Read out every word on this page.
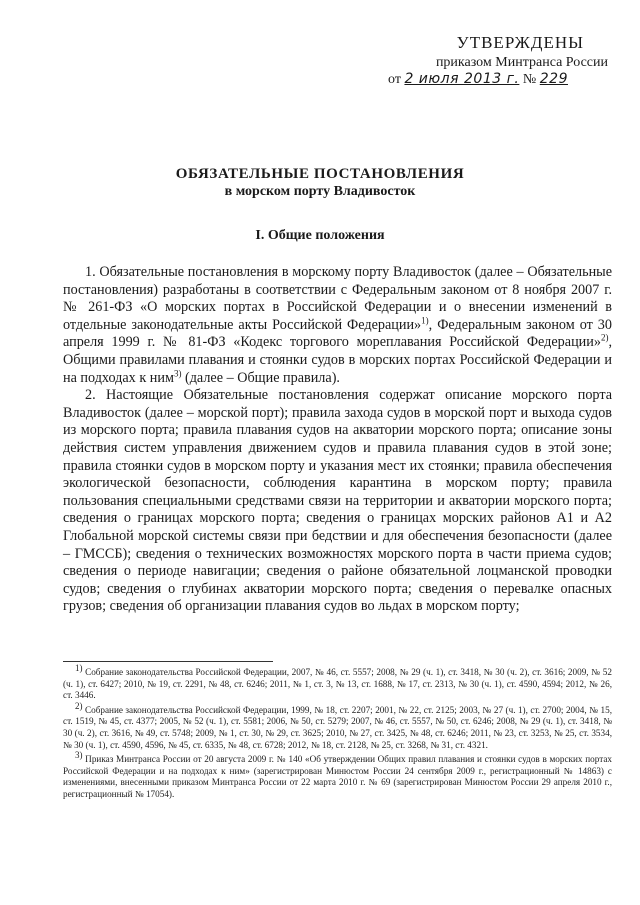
УТВЕРЖДЕНЫ
приказом Минтранса России
от 2 июля 2013 г. № 229
ОБЯЗАТЕЛЬНЫЕ ПОСТАНОВЛЕНИЯ
в морском порту Владивосток
I. Общие положения

1. Обязательные постановления в морскому порту Владивосток (далее – Обязательные постановления) разработаны в соответствии с Федеральным законом от 8 ноября 2007 г. № 261-ФЗ «О морских портах в Российской Федерации и о внесении изменений в отдельные законодательные акты Российской Федерации»$^{1)}$, Федеральным законом от 30 апреля 1999 г. № 81-ФЗ «Кодекс торгового мореплавания Российской Федерации»$^{2)}$, Общими правилами плавания и стоянки судов в морских портах Российской Федерации и на подходах к ним$^{3)}$ (далее – Общие правила).

2. Настоящие Обязательные постановления содержат описание морского порта Владивосток (далее – морской порт); правила захода судов в морской порт и выхода судов из морского порта; правила плавания судов на акватории морского порта; описание зоны действия систем управления движением судов и правила плавания судов в этой зоне; правила стоянки судов в морском порту и указания мест их стоянки; правила обеспечения экологической безопасности, соблюдения карантина в морском порту; правила пользования специальными средствами связи на территории и акватории морского порта; сведения о границах морского порта; сведения о границах морских районов А1 и А2 Глобальной морской системы связи при бедствии и для обеспечения безопасности (далее – ГМССБ); сведения о технических возможностях морского порта в части приема судов; сведения о периоде навигации; сведения о районе обязательной лоцманской проводки судов; сведения о глубинах акватории морского порта; сведения о перевалке опасных грузов; сведения об организации плавания судов во льдах в морском порту;

$^{1)}$ Собрание законодательства Российской Федерации, 2007, № 46, ст. 5557; 2008, № 29 (ч. 1), ст. 3418, № 30 (ч. 2), ст. 3616; 2009, № 52 (ч. 1), ст. 6427; 2010, № 19, ст. 2291, № 48, ст. 6246; 2011, № 1, ст. 3, № 13, ст. 1688, № 17, ст. 2313, № 30 (ч. 1), ст. 4590, 4594; 2012, № 26, ст. 3446.

$^{2)}$ Собрание законодательства Российской Федерации, 1999, № 18, ст. 2207; 2001, № 22, ст. 2125; 2003, № 27 (ч. 1), ст. 2700; 2004, № 15, ст. 1519, № 45, ст. 4377; 2005, № 52 (ч. 1), ст. 5581; 2006, № 50, ст. 5279; 2007, № 46, ст. 5557, № 50, ст. 6246; 2008, № 29 (ч. 1), ст. 3418, № 30 (ч. 2), ст. 3616, № 49, ст. 5748; 2009, № 1, ст. 30, № 29, ст. 3625; 2010, № 27, ст. 3425, № 48, ст. 6246; 2011, № 23, ст. 3253, № 25, ст. 3534, № 30 (ч. 1), ст. 4590, 4596, № 45, ст. 6335, № 48, ст. 6728; 2012, № 18, ст. 2128, № 25, ст. 3268, № 31, ст. 4321.

$^{3)}$ Приказ Минтранса России от 20 августа 2009 г. № 140 «Об утверждении Общих правил плавания и стоянки судов в морских портах Российской Федерации и на подходах к ним» (зарегистрирован Минюстом России 24 сентября 2009 г., регистрационный № 14863) с изменениями, внесенными приказом Минтранса России от 22 марта 2010 г. № 69 (зарегистрирован Минюстом России 29 апреля 2010 г., регистрационный № 17054).
